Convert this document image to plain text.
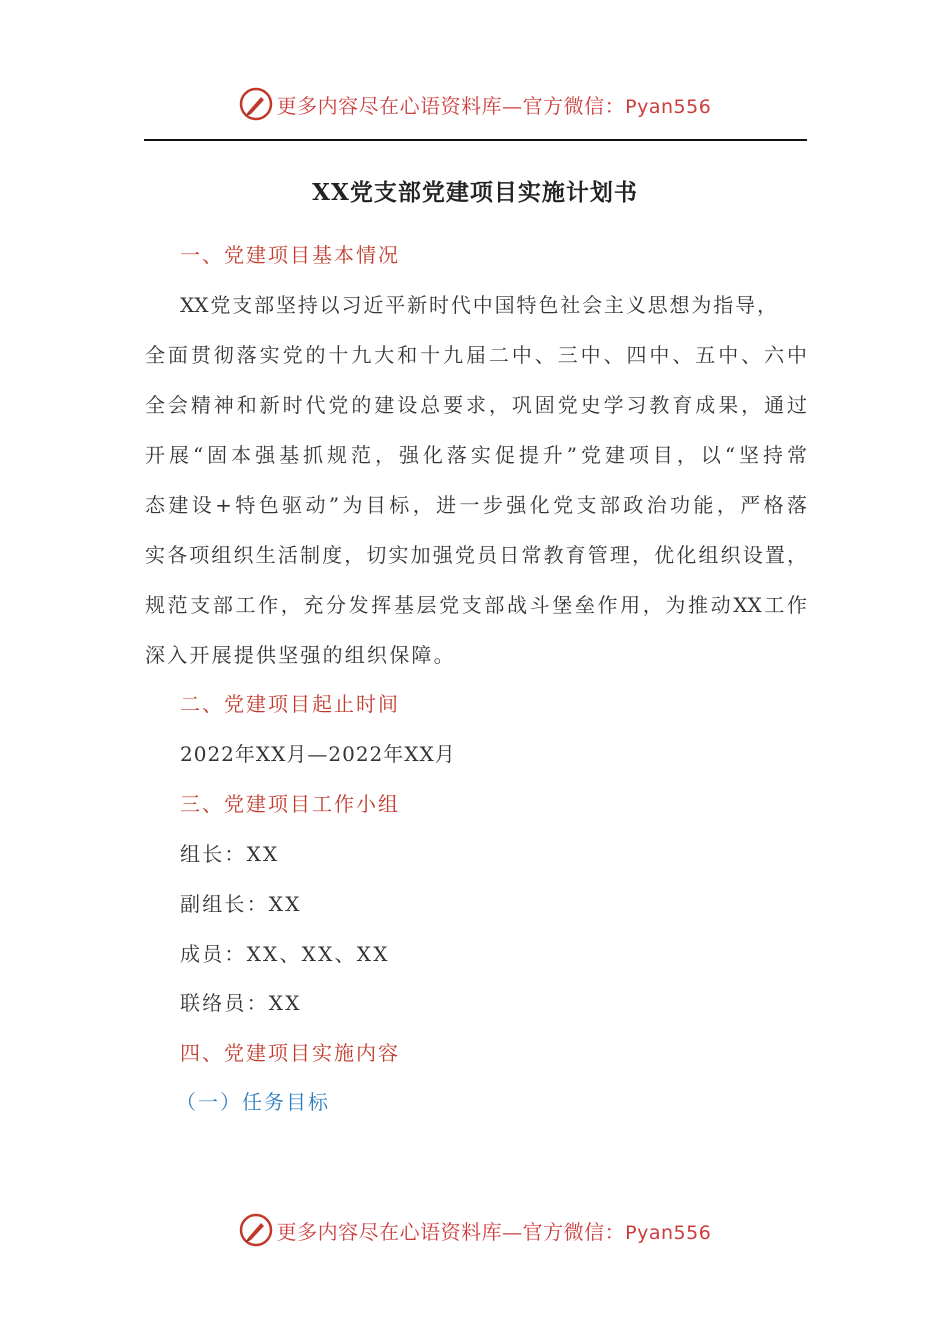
更多内容尽在心语资料库—官方微信：Pyan556
XX党支部党建项目实施计划书
一、党建项目基本情况
XX党支部坚持以习近平新时代中国特色社会主义思想为指导，
全面贯彻落实党的十九大和十九届二中、三中、四中、五中、六中
全会精神和新时代党的建设总要求，巩固党史学习教育成果，通过
开展“固本强基抓规范，强化落实促提升”党建项目，以“坚持常
态建设+特色驱动”为目标，进一步强化党支部政治功能，严格落
实各项组织生活制度，切实加强党员日常教育管理，优化组织设置，
规范支部工作，充分发挥基层党支部战斗堡垒作用，为推动XX工作
深入开展提供坚强的组织保障。
二、党建项目起止时间
2022年XX月—2022年XX月
三、党建项目工作小组
组长：XX
副组长：XX
成员：XX、XX、XX
联络员：XX
四、党建项目实施内容
（一）任务目标
更多内容尽在心语资料库—官方微信：Pyan556
